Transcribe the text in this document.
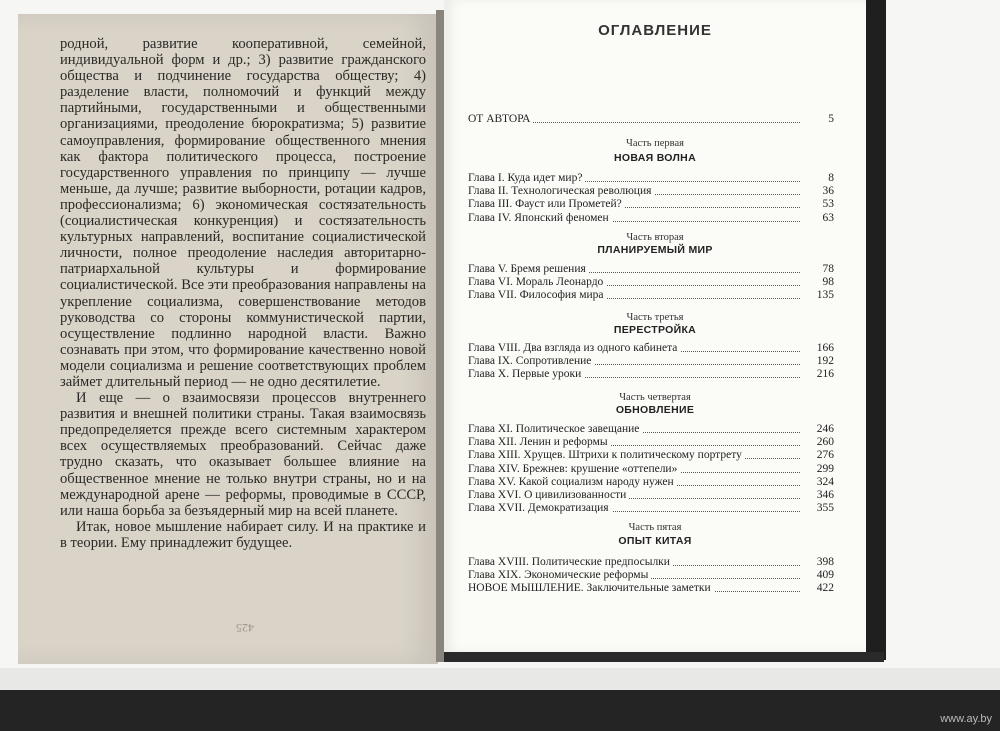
родной, развитие кооперативной, семейной, индивидуальной форм и др.; 3) развитие гражданского общества и подчинение государства обществу; 4) разделение власти, полномочий и функций между партийными, государственными и общественными организациями, преодоление бюрократизма; 5) развитие самоуправления, формирование общественного мнения как фактора политического процесса, построение государственного управления по принципу — лучше меньше, да лучше; развитие выборности, ротации кадров, профессионализма; 6) экономическая состязательность (социалистическая конкуренция) и состязательность культурных направлений, воспитание социалистической личности, полное преодоление наследия авторитарно-патриархальной культуры и формирование социалистической. Все эти преобразования направлены на укрепление социализма, совершенствование методов руководства со стороны коммунистической партии, осуществление подлинно народной власти. Важно сознавать при этом, что формирование качественно новой модели социализма и решение соответствующих проблем займет длительный период — не одно десятилетие.

И еще — о взаимосвязи процессов внутреннего развития и внешней политики страны. Такая взаимосвязь предопределяется прежде всего системным характером всех осуществляемых преобразований. Сейчас даже трудно сказать, что оказывает большее влияние на общественное мнение не только внутри страны, но и на международной арене — реформы, проводимые в СССР, или наша борьба за безъядерный мир на всей планете.

Итак, новое мышление набирает силу. И на практике и в теории. Ему принадлежит будущее.

425
ОГЛАВЛЕНИЕ
ОТ АВТОРА	5
Часть первая
НОВАЯ ВОЛНА
Глава I. Куда идет мир?	8
Глава II. Технологическая революция	36
Глава III. Фауст или Прометей?	53
Глава IV. Японский феномен	63
Часть вторая
ПЛАНИРУЕМЫЙ МИР
Глава V. Бремя решения	78
Глава VI. Мораль Леонардо	98
Глава VII. Философия мира	135
Часть третья
ПЕРЕСТРОЙКА
Глава VIII. Два взгляда из одного кабинета	166
Глава IX. Сопротивление	192
Глава X. Первые уроки	216
Часть четвертая
ОБНОВЛЕНИЕ
Глава XI. Политическое завещание	246
Глава XII. Ленин и реформы	260
Глава XIII. Хрущев. Штрихи к политическому портрету	276
Глава XIV. Брежнев: крушение «оттепели»	299
Глава XV. Какой социализм народу нужен	324
Глава XVI. О цивилизованности	346
Глава XVII. Демократизация	355
Часть пятая
ОПЫТ КИТАЯ
Глава XVIII. Политические предпосылки	398
Глава XIX. Экономические реформы	409
НОВОЕ МЫШЛЕНИЕ. Заключительные заметки	422
www.ay.by
